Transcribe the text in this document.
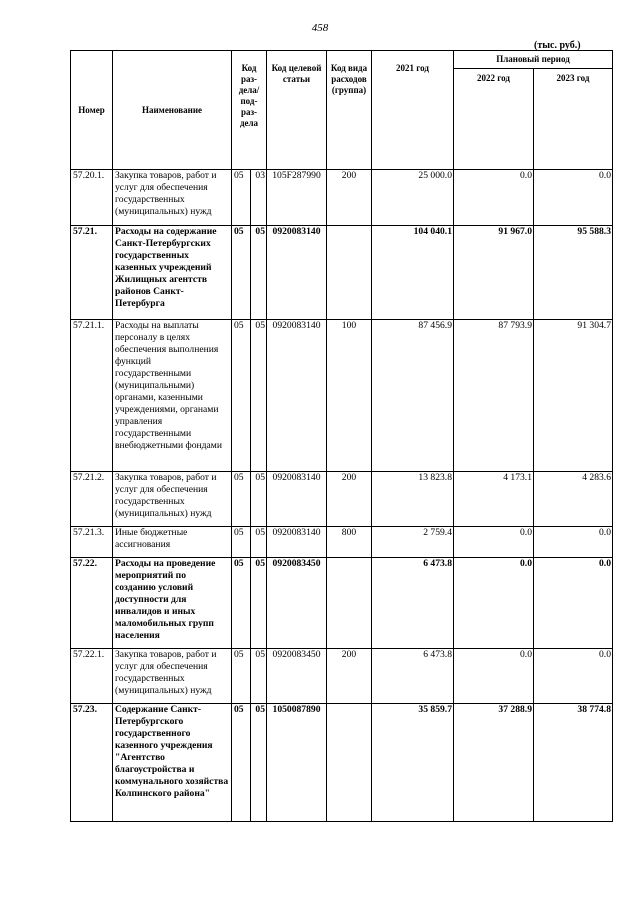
458
(тыс. руб.)
Номер	Наименование	Код раз-дела/ под-раз-дела		Код целевой статьи	Код вида расходов (группа)	2021 год	Плановый период	
							2022 год	2023 год
57.20.1.	Закупка товаров, работ и услуг для обеспечения государственных (муниципальных) нужд	05	03	105F287990	200	25 000.0	0.0	0.0
57.21.	Расходы на содержание Санкт-Петербургских государственных казенных учреждений Жилищных агентств районов Санкт-Петербурга	05	05	0920083140		104 040.1	91 967.0	95 588.3
57.21.1.	Расходы на выплаты персоналу в целях обеспечения выполнения функций государственными (муниципальными) органами, казенными учреждениями, органами управления государственными внебюджетными фондами	05	05	0920083140	100	87 456.9	87 793.9	91 304.7
57.21.2.	Закупка товаров, работ и услуг для обеспечения государственных (муниципальных) нужд	05	05	0920083140	200	13 823.8	4 173.1	4 283.6
57.21.3.	Иные бюджетные ассигнования	05	05	0920083140	800	2 759.4	0.0	0.0
57.22.	Расходы на проведение мероприятий по созданию условий доступности для инвалидов и иных маломобильных групп населения	05	05	0920083450		6 473.8	0.0	0.0
57.22.1.	Закупка товаров, работ и услуг для обеспечения государственных (муниципальных) нужд	05	05	0920083450	200	6 473.8	0.0	0.0
57.23.	Содержание Санкт-Петербургского государственного казенного учреждения "Агентство благоустройства и коммунального хозяйства Колпинского района"	05	05	1050087890		35 859.7	37 288.9	38 774.8
